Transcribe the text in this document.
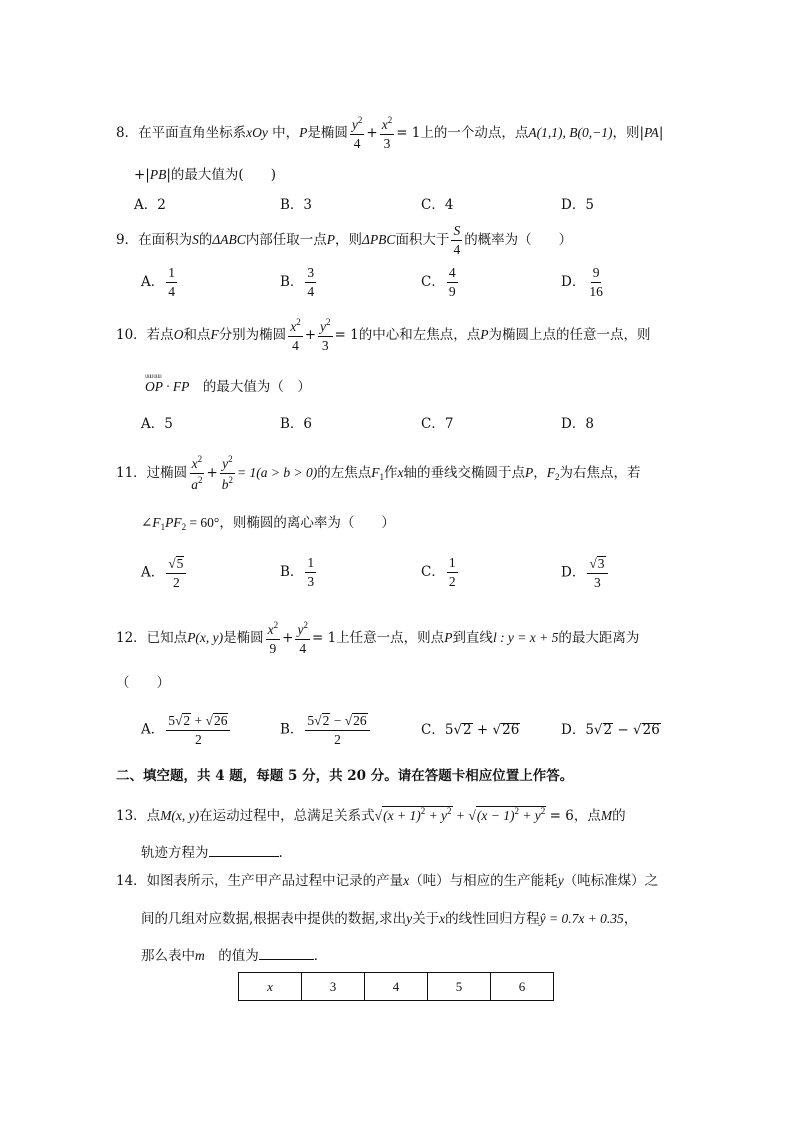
8．在平面直角坐标系xOy 中，P是椭圆 $\frac{y^2}{4} + \frac{x^2}{3} = 1$上的一个动点，点A(1,1), B(0,−1)，则|PA|
+|PB|的最大值为(　　)
A．2	B．3	C．4	D．5
9．在面积为S的ΔABC内部任取一点P，则ΔPBC面积大于 $\frac{S}{4}$ 的概率为（　　）
A． $\frac{1}{4}$	B． $\frac{3}{4}$	C． $\frac{4}{9}$	D． $\frac{9}{16}$
10．若点O和点F分别为椭圆 $\frac{x^2}{4} + \frac{y^2}{3} = 1$的中心和左焦点，点P为椭圆上点的任意一点，则
uuu uuu
OP · FP　 的最大值为（　）
A．5	B．6	C．7	D．8
11．过椭圆 $\frac{x^2}{a^2} + \frac{y^2}{b^2} = 1(a > b > 0)$的左焦点$F_1$作x轴的垂线交椭圆于点P，$F_2$为右焦点，若
$\angle F_1PF_2 = 60^\circ$，则椭圆的离心率为（　　）
A． $\frac{√5}{2}$	B． $\frac{1}{3}$	C． $\frac{1}{2}$	D． $\frac{√3}{3}$
12．已知点P(x, y)是椭圆 $\frac{x^2}{9} + \frac{y^2}{4} = 1$上任意一点，则点P到直线l : y = x + 5的最大距离为
（　　）
A． $\frac{5√2 + √26}{2}$	B． $\frac{5√2 - √26}{2}$	C．5√2 + √26	D．5√2 − √26
二、填空题，共 4 题，每题 5 分，共 20 分。请在答题卡相应位置上作答。
13．点M(x, y)在运动过程中，总满足关系式$√(x + 1)^2 + y^2 + √(x - 1)^2 + y^2 = 6$，点M的
轨迹方程为	.
14．如图表所示，生产甲产品过程中记录的产量x（吨）与相应的生产能耗y（吨标准煤）之
间的几组对应数据,根据表中提供的数据,求出y关于x的线性回归方程ŷ = 0.7x + 0.35，
那么表中m　 的值为	．
x	3	4	5	6
